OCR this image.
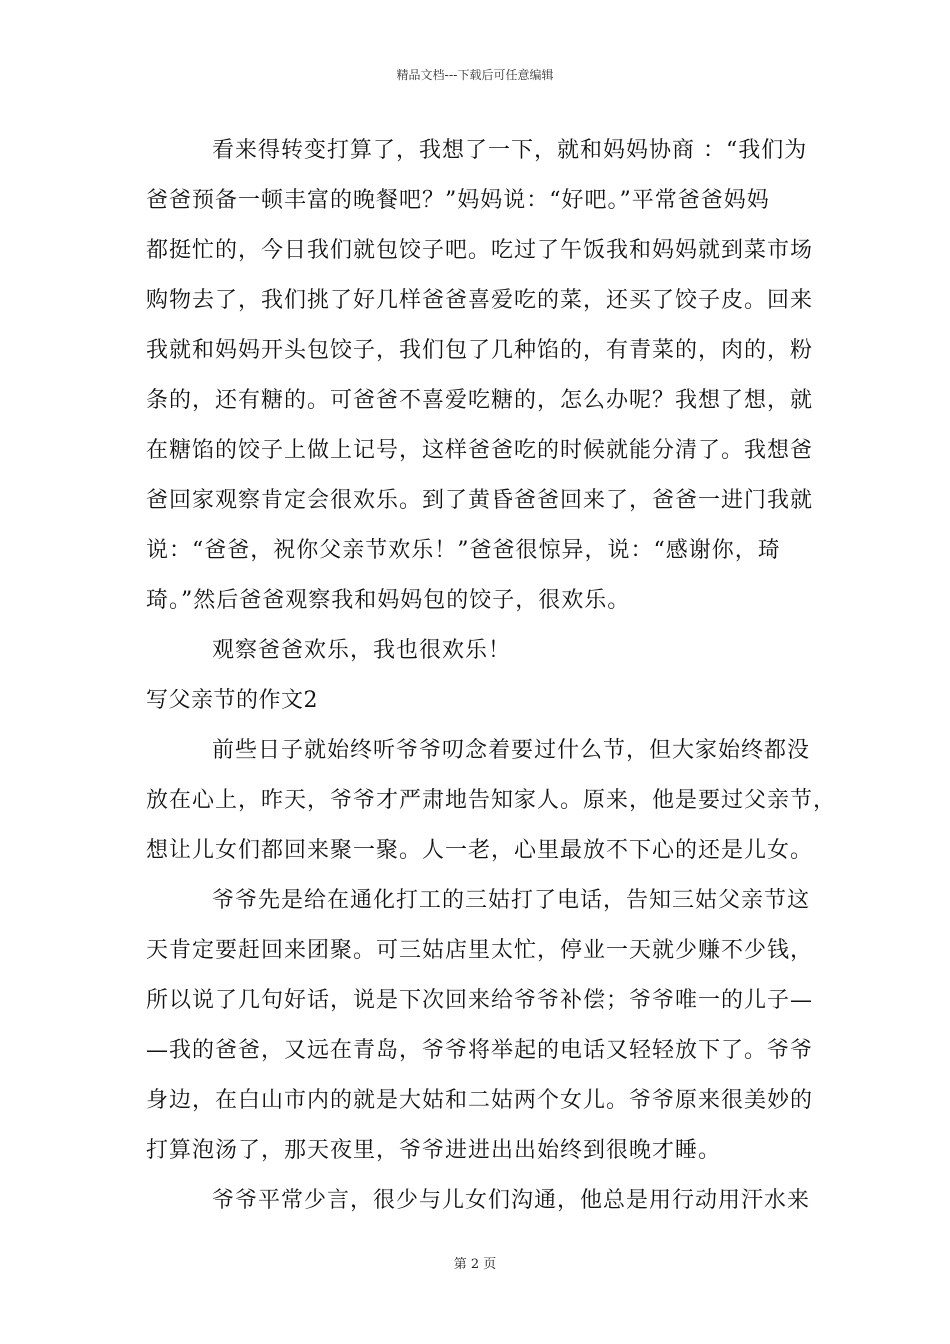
精品文档---下载后可任意编辑
看来得转变打算了，我想了一下，就和妈妈协商 ：“我们为
爸爸预备一顿丰富的晚餐吧？”妈妈说：“好吧。”平常爸爸妈妈
都挺忙的，今日我们就包饺子吧。吃过了午饭我和妈妈就到菜市场
购物去了，我们挑了好几样爸爸喜爱吃的菜，还买了饺子皮。回来
我就和妈妈开头包饺子，我们包了几种馅的，有青菜的，肉的，粉
条的，还有糖的。可爸爸不喜爱吃糖的，怎么办呢？我想了想，就
在糖馅的饺子上做上记号，这样爸爸吃的时候就能分清了。我想爸
爸回家观察肯定会很欢乐。到了黄昏爸爸回来了，爸爸一进门我就
说：“爸爸，祝你父亲节欢乐！”爸爸很惊异，说：“感谢你，琦
琦。”然后爸爸观察我和妈妈包的饺子，很欢乐。
观察爸爸欢乐，我也很欢乐！
写父亲节的作文2
前些日子就始终听爷爷叨念着要过什么节，但大家始终都没
放在心上，昨天，爷爷才严肃地告知家人。原来，他是要过父亲节，
想让儿女们都回来聚一聚。人一老，心里最放不下心的还是儿女。
爷爷先是给在通化打工的三姑打了电话，告知三姑父亲节这
天肯定要赶回来团聚。可三姑店里太忙，停业一天就少赚不少钱，
所以说了几句好话，说是下次回来给爷爷补偿；爷爷唯一的儿子—
—我的爸爸，又远在青岛，爷爷将举起的电话又轻轻放下了。爷爷
身边，在白山市内的就是大姑和二姑两个女儿。爷爷原来很美妙的
打算泡汤了，那天夜里，爷爷进进出出始终到很晚才睡。
爷爷平常少言，很少与儿女们沟通，他总是用行动用汗水来
第 2 页
